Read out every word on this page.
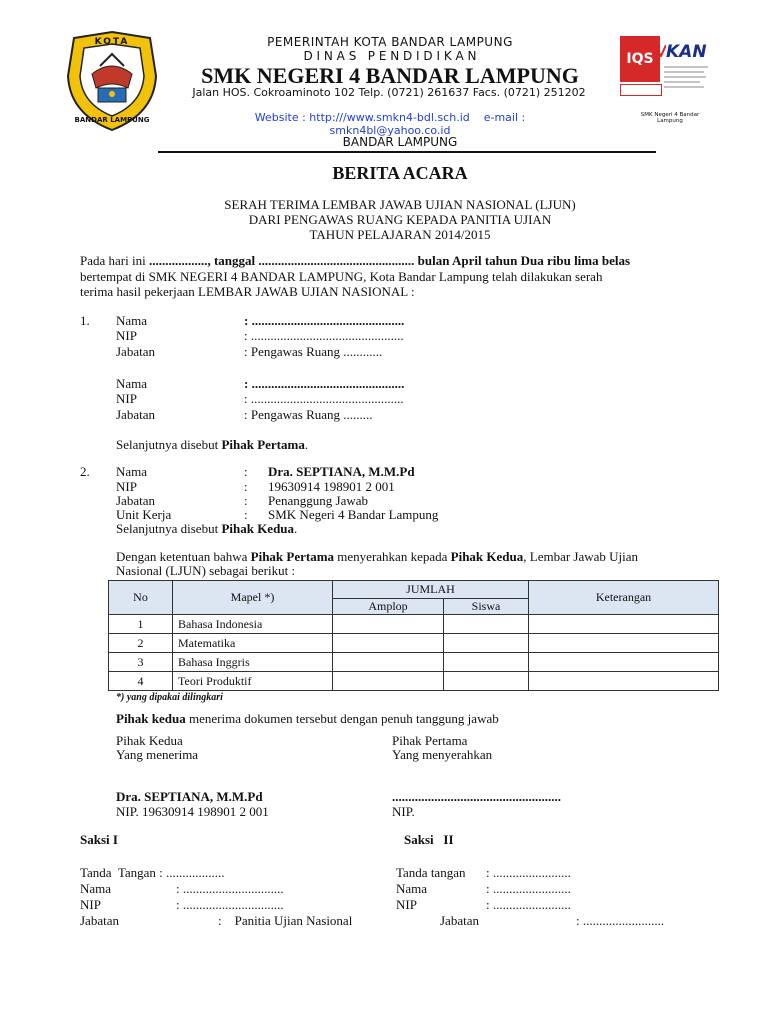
KOTA
BANDAR LAMPUNG
PEMERINTAH KOTA BANDAR LAMPUNG
D I N A S   P E N D I D I K A N
SMK NEGERI 4 BANDAR LAMPUNG
Jalan HOS. Cokroaminoto 102 Telp. (0721) 261637 Facs. (0721) 251202
Website : http:///www.smkn4-bdl.sch.id    e-mail : smkn4bl@yahoo.co.id
BANDAR LAMPUNG
IQS KAN
SMK Negeri 4 Bandar Lampung
BERITA ACARA
SERAH TERIMA LEMBAR JAWAB UJIAN NASIONAL (LJUN)
DARI PENGAWAS RUANG KEPADA PANITIA UJIAN
TAHUN PELAJARAN 2014/2015
Pada hari ini .................., tanggal ................................................ bulan April tahun Dua ribu lima belas
bertempat di SMK NEGERI 4 BANDAR LAMPUNG, Kota Bandar Lampung telah dilakukan serah
terima hasil pekerjaan LEMBAR JAWAB UJIAN NASIONAL :
1. Nama	: ...............................................
NIP	: ...............................................
Jabatan	: Pengawas Ruang ............
Nama	: ...............................................
NIP	: ...............................................
Jabatan	: Pengawas Ruang .........
Selanjutnya disebut Pihak Pertama.
2. Nama	: Dra. SEPTIANA, M.M.Pd
NIP	: 19630914 198901 2 001
Jabatan	: Penanggung Jawab
Unit Kerja	: SMK Negeri 4 Bandar Lampung
Selanjutnya disebut Pihak Kedua.
Dengan ketentuan bahwa Pihak Pertama menyerahkan kepada Pihak Kedua, Lembar Jawab Ujian
Nasional (LJUN) sebagai berikut :
No	Mapel *)	JUMLAH		Keterangan
		Amplop	Siswa	
1	Bahasa Indonesia			
2	Matematika			
3	Bahasa Inggris			
4	Teori Produktif			
*) yang dipakai dilingkari
Pihak kedua menerima dokumen tersebut dengan penuh tanggung jawab
Pihak Kedua
Yang menerima
Pihak Pertama
Yang menyerahkan
Dra. SEPTIANA, M.M.Pd
NIP. 19630914 198901 2 001
....................................................
NIP.
Saksi I	Saksi   II
Tanda  Tangan : ..................
Nama	: ...............................
NIP	: ...............................
Jabatan	:    Panitia Ujian Nasional
Tanda tangan : ........................
Nama	: ........................
NIP	: ........................
Jabatan	: .........................
